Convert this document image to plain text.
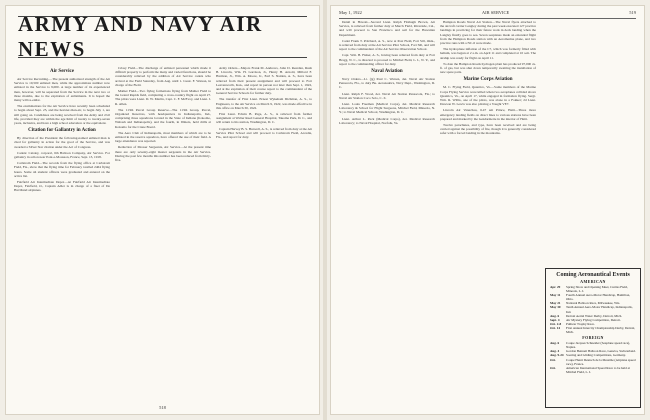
ARMY AND NAVY AIR NEWS
Air Service

Air Service Recruiting.—The present authorized strength of the Air Service is 10,500 enlisted men, while the approximate number now enlisted in the Service is 9,000. A large number of its experienced men, however, will be separated from the Service in the next two or three months, due to the expiration of enlistments. It is hoped the many will re-enlist.

The examinations for the Air Service have recently been scheduled to begin about Sept. 25, and the heavier-than-air, to begin July 1, are still going on. Candidates are being received from the Army and civil life, provided they are within the age limit of twenty to twenty-seven years, inclusive, and have a high school education or the equivalent.

Citation for Gallantry in Action

By direction of the President the following-named enlisted man is cited for gallantry in action for the good of the Service, and was awarded a Silver Star citation under the Act of Congress.

Cadets: Caisley, corporal, 6th Balloon Company, Air Service. For gallantry in action near Pont-a-Mousson, France, Sept. 13, 1918.

Carlstrom Field—The records from the flying office at Carlstrom Field, Fla., show that the flying time for February totalled 2464 flying hours. Some 44 student officers were graduated and entered on the active list.

Fairfield Air Intermediate Depot—At Fairfield Air Intermediate Depot, Fairfield, O., Captain Adler is in charge of a fleet of De Havilland airplanes.

Crissy Field—The discharge of enlisted personnel which made it difficult properly to perform the many and varied functions, should be considerably relieved by the addition of Air Service cadets who arrived at the Field Saturday, from Aug. until 1. Lieut. F. Watson, in charge of the Field.

Mather Field—Two flying formations flying from Mather Field to the Grand Rapids field, completing a cross-country flight on April 27. The pilots were Lieut. D. W. Martin, Capt. C. F. McEvoy, and Lieut. J. R. Allen.

The 113th Parcel Group Reserve—The 113th Group, Parcel, Organized Reserves, with headquarters in Indianapolis, Ind., comprising three squadrons located in the State of Indiana (Kokomo, Wabash and Indianapolis), and the fourth, in Illinois, held drills at Kokomo for the Crane Board.

The Aero Club of Indianapolis, most members of which are to be enlisted in the reserve squadron, have offered the use of their field. A large attendance was reported.

Reduction of Mosser Sergeants, Air Service—At the present time there are only seventy-eight master sergeants in the Air Service. During the past few months this number has been reduced from thirty-five.

Army Orders—Majors Frank M. Andrews, John D. Reardan, Rush B. Lincoln, Wm. H. Garrison, Jr., Henry H. Arnold, Millard F. Harmon, Jr., Wm. A. Moore, Jr., Earl S. Naiden, A. S., have been relieved from their present assignment and will proceed to Fort Leavenworth, Kan., and report in person not later than Sept. 1, 1922, and at the expiration of their course report to the commandant of the General Service Schools for further duty.

The transfer of First Lieut. Ernest Wykeham Dichman, A. S., to Engineers, to the Air Service on March 9, 1922, was made effective in this office on March 30, 1922.

First Lieut. Edwin B. Page, A. S., is relieved from further assignment at Walter Reed General Hospital, Takoma Park, D. C., and will return to his station, Washington, D. C.

Captain Harvey B. S. Burwell, A. S., is relieved from duty at the Air Service Pilot School and will proceed to Carlstrom Field, Arcadia, Fla., and report for duty.

518
May 1, 1922	AIR SERVICE	519

Detail in Hawaii—Second Lieut. Ralph Fitzhugh Brown, Air Service, is relieved from further duty at March Field, Riverside, Cal., and will proceed to San Francisco and sail for the Hawaiian Department.

Cadet Frank T. Pritchard, A. S., now at Post Field, Fort Sill, Okla., is relieved from duty at the Air Service Pilot School, Fort Sill, and will report to the commandant of the Air Service Observation School.

Capt. Wm. B. Fisher, A. S., having been relieved from duty at Fort Bragg, N. C., is directed to proceed to Mitchel Field, L. I., N. Y., and report to the commanding officer for duty.

Naval Aviation

Navy Orders—Lt. (jg) Paul C. Warren, det. Naval Air Station Pensacola, Fla., to duty Bu. Aeronautics, Navy Dept., Washington, D. C.

Lieut. Ralph F. Wood, det. Naval Air Station Pensacola, Fla.; to Naval Air Station Coco Solo, C. Z.

Lieut. Louis Freeman (Medical Corps), det. Medical Research Laboratory & School for Flight Surgeons, Mitchel Field, Mineola, N. Y.; to Naval Medical School, Washington, D. C.

Lieut. Arthur L. Peck (Medical Corps), det. Medical Research Laboratory; to Naval Hospital, Norfolk, Va.

Hampton Roads Naval Air Station—The Naval flyers attached to the aircraft carrier Langley during the past week executed 127 practice landings in practicing for their future work in deck landing when the Langley finally goes to sea. Seven seaplanes made an extended flight from the Hampton Roads station with an Aeromarine plane, and two practice runs with a NC-6 were made.

The hydroplane inflation of the C7, which was formerly filled with helium, was begun at 2 a.m. on April 11 and completed at 10 a.m. The airship was ready for flight on April 11.

To date the Hampton Roads hydrogen plant has produced 97,000 cu. ft. of gas, but was shut down temporarily awaiting the installation of new spare parts.

Marine Corps Aviation

M. C. Flying Field, Quantico, Va.—Some members of the Marine Corps Flying Service were killed when two aeroplanes collided above Quantico, Va., on April 17, while engaged in formation flying. Sergt. Wm. R. Willis, one of the pilots, was alone in a Fokker; 2d Lieut. Dawson W. Lewis was also piloting a Vought VE7.

Lincoln Air Vanachau, 6.47 am Prince, Haiti—Three more emergency landing fields on direct lines to various stations have been prepared and marked by the Gendarmerie in the interior of Haiti.

Twelve parachutes, and type, have been received and are being carried against the possibility of fire, though it is generally considered safer with a forced landing in the mountains.

Coming Aeronautical Events
AMERICAN
Apr. 29	Spring Show and Opening Meet, Curtiss Field, Mineola, L. I.
May 11	Fourth Annual Aero-Motor Handicap, Hamilton, Ohio.
May 21	National Balloon Race, Milwaukee, Wis.
May 30	Tenth Annual Aero-Motor Handicap, Indianapolis, Ind.
Aug. 6	Detroit Aerial Water Derby, Detroit, Mich.
Sept. 4	Air Mystery Flying Competition, Detroit.
Oct. 2-8	Pulitzer Trophy Race.
Oct. 14	First Annual Intercity Championship Derby, Detroit, Mich.
FOREIGN
Aug. 6	Coupe Jacques Schneider (Seaplane speed race), Naples.
Aug. 4	Gordon Bennett Balloon Race, Geneva, Switzerland.
Aug. 9-24 Soaring and Gliding Competitions, Germany.
Oct.	Coupe Henri Deutsch de la Meurthe (Airplane speed race), France.
Oct.	American International Speed Race to be held at Mitchel Field, L. I.
